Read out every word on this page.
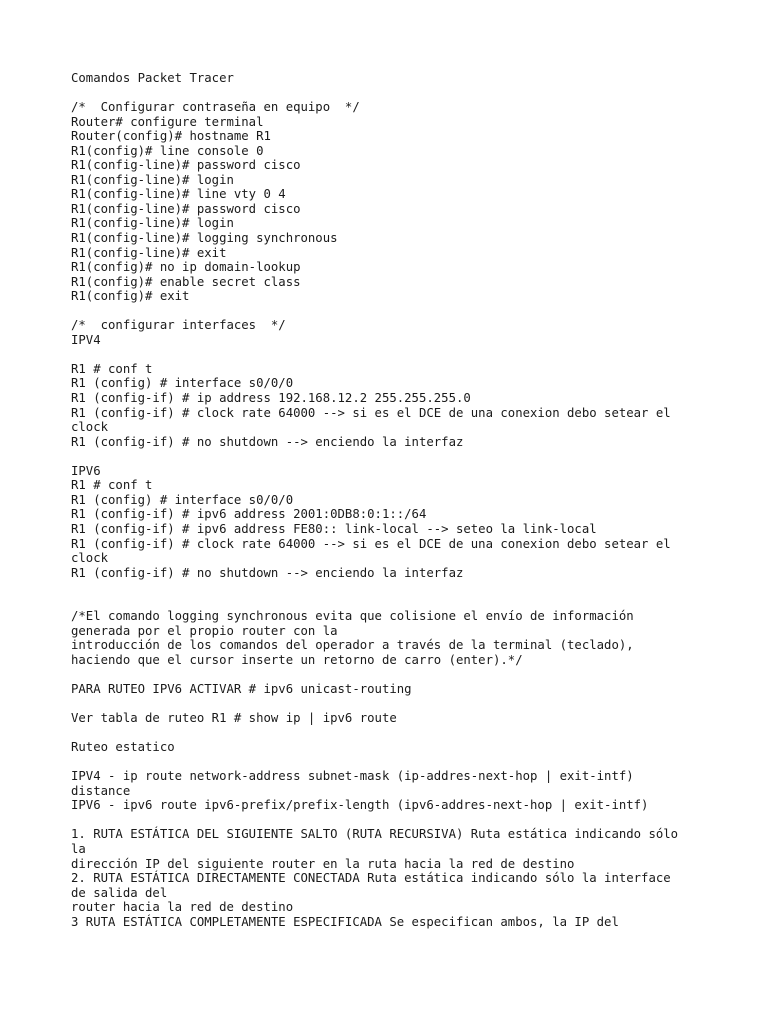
Comandos Packet Tracer
/*  Configurar contraseña en equipo  */
Router# configure terminal
Router(config)# hostname R1
R1(config)# line console 0
R1(config-line)# password cisco
R1(config-line)# login
R1(config-line)# line vty 0 4
R1(config-line)# password cisco
R1(config-line)# login
R1(config-line)# logging synchronous
R1(config-line)# exit
R1(config)# no ip domain-lookup
R1(config)# enable secret class
R1(config)# exit
/*  configurar interfaces  */
IPV4
R1 # conf t
R1 (config) # interface s0/0/0
R1 (config-if) # ip address 192.168.12.2 255.255.255.0
R1 (config-if) # clock rate 64000 --> si es el DCE de una conexion debo setear el
clock
R1 (config-if) # no shutdown --> enciendo la interfaz
IPV6
R1 # conf t
R1 (config) # interface s0/0/0
R1 (config-if) # ipv6 address 2001:0DB8:0:1::/64
R1 (config-if) # ipv6 address FE80:: link-local --> seteo la link-local
R1 (config-if) # clock rate 64000 --> si es el DCE de una conexion debo setear el
clock
R1 (config-if) # no shutdown --> enciendo la interfaz
/*El comando logging synchronous evita que colisione el envío de información
generada por el propio router con la
introducción de los comandos del operador a través de la terminal (teclado),
haciendo que el cursor inserte un retorno de carro (enter).*/
PARA RUTEO IPV6 ACTIVAR # ipv6 unicast-routing
Ver tabla de ruteo R1 # show ip | ipv6 route
Ruteo estatico
IPV4 - ip route network-address subnet-mask (ip-addres-next-hop | exit-intf)
distance
IPV6 - ipv6 route ipv6-prefix/prefix-length (ipv6-addres-next-hop | exit-intf)
1. RUTA ESTÁTICA DEL SIGUIENTE SALTO (RUTA RECURSIVA) Ruta estática indicando sólo
la
dirección IP del siguiente router en la ruta hacia la red de destino
2. RUTA ESTÁTICA DIRECTAMENTE CONECTADA Ruta estática indicando sólo la interface
de salida del
router hacia la red de destino
3 RUTA ESTÁTICA COMPLETAMENTE ESPECIFICADA Se especifican ambos, la IP del
